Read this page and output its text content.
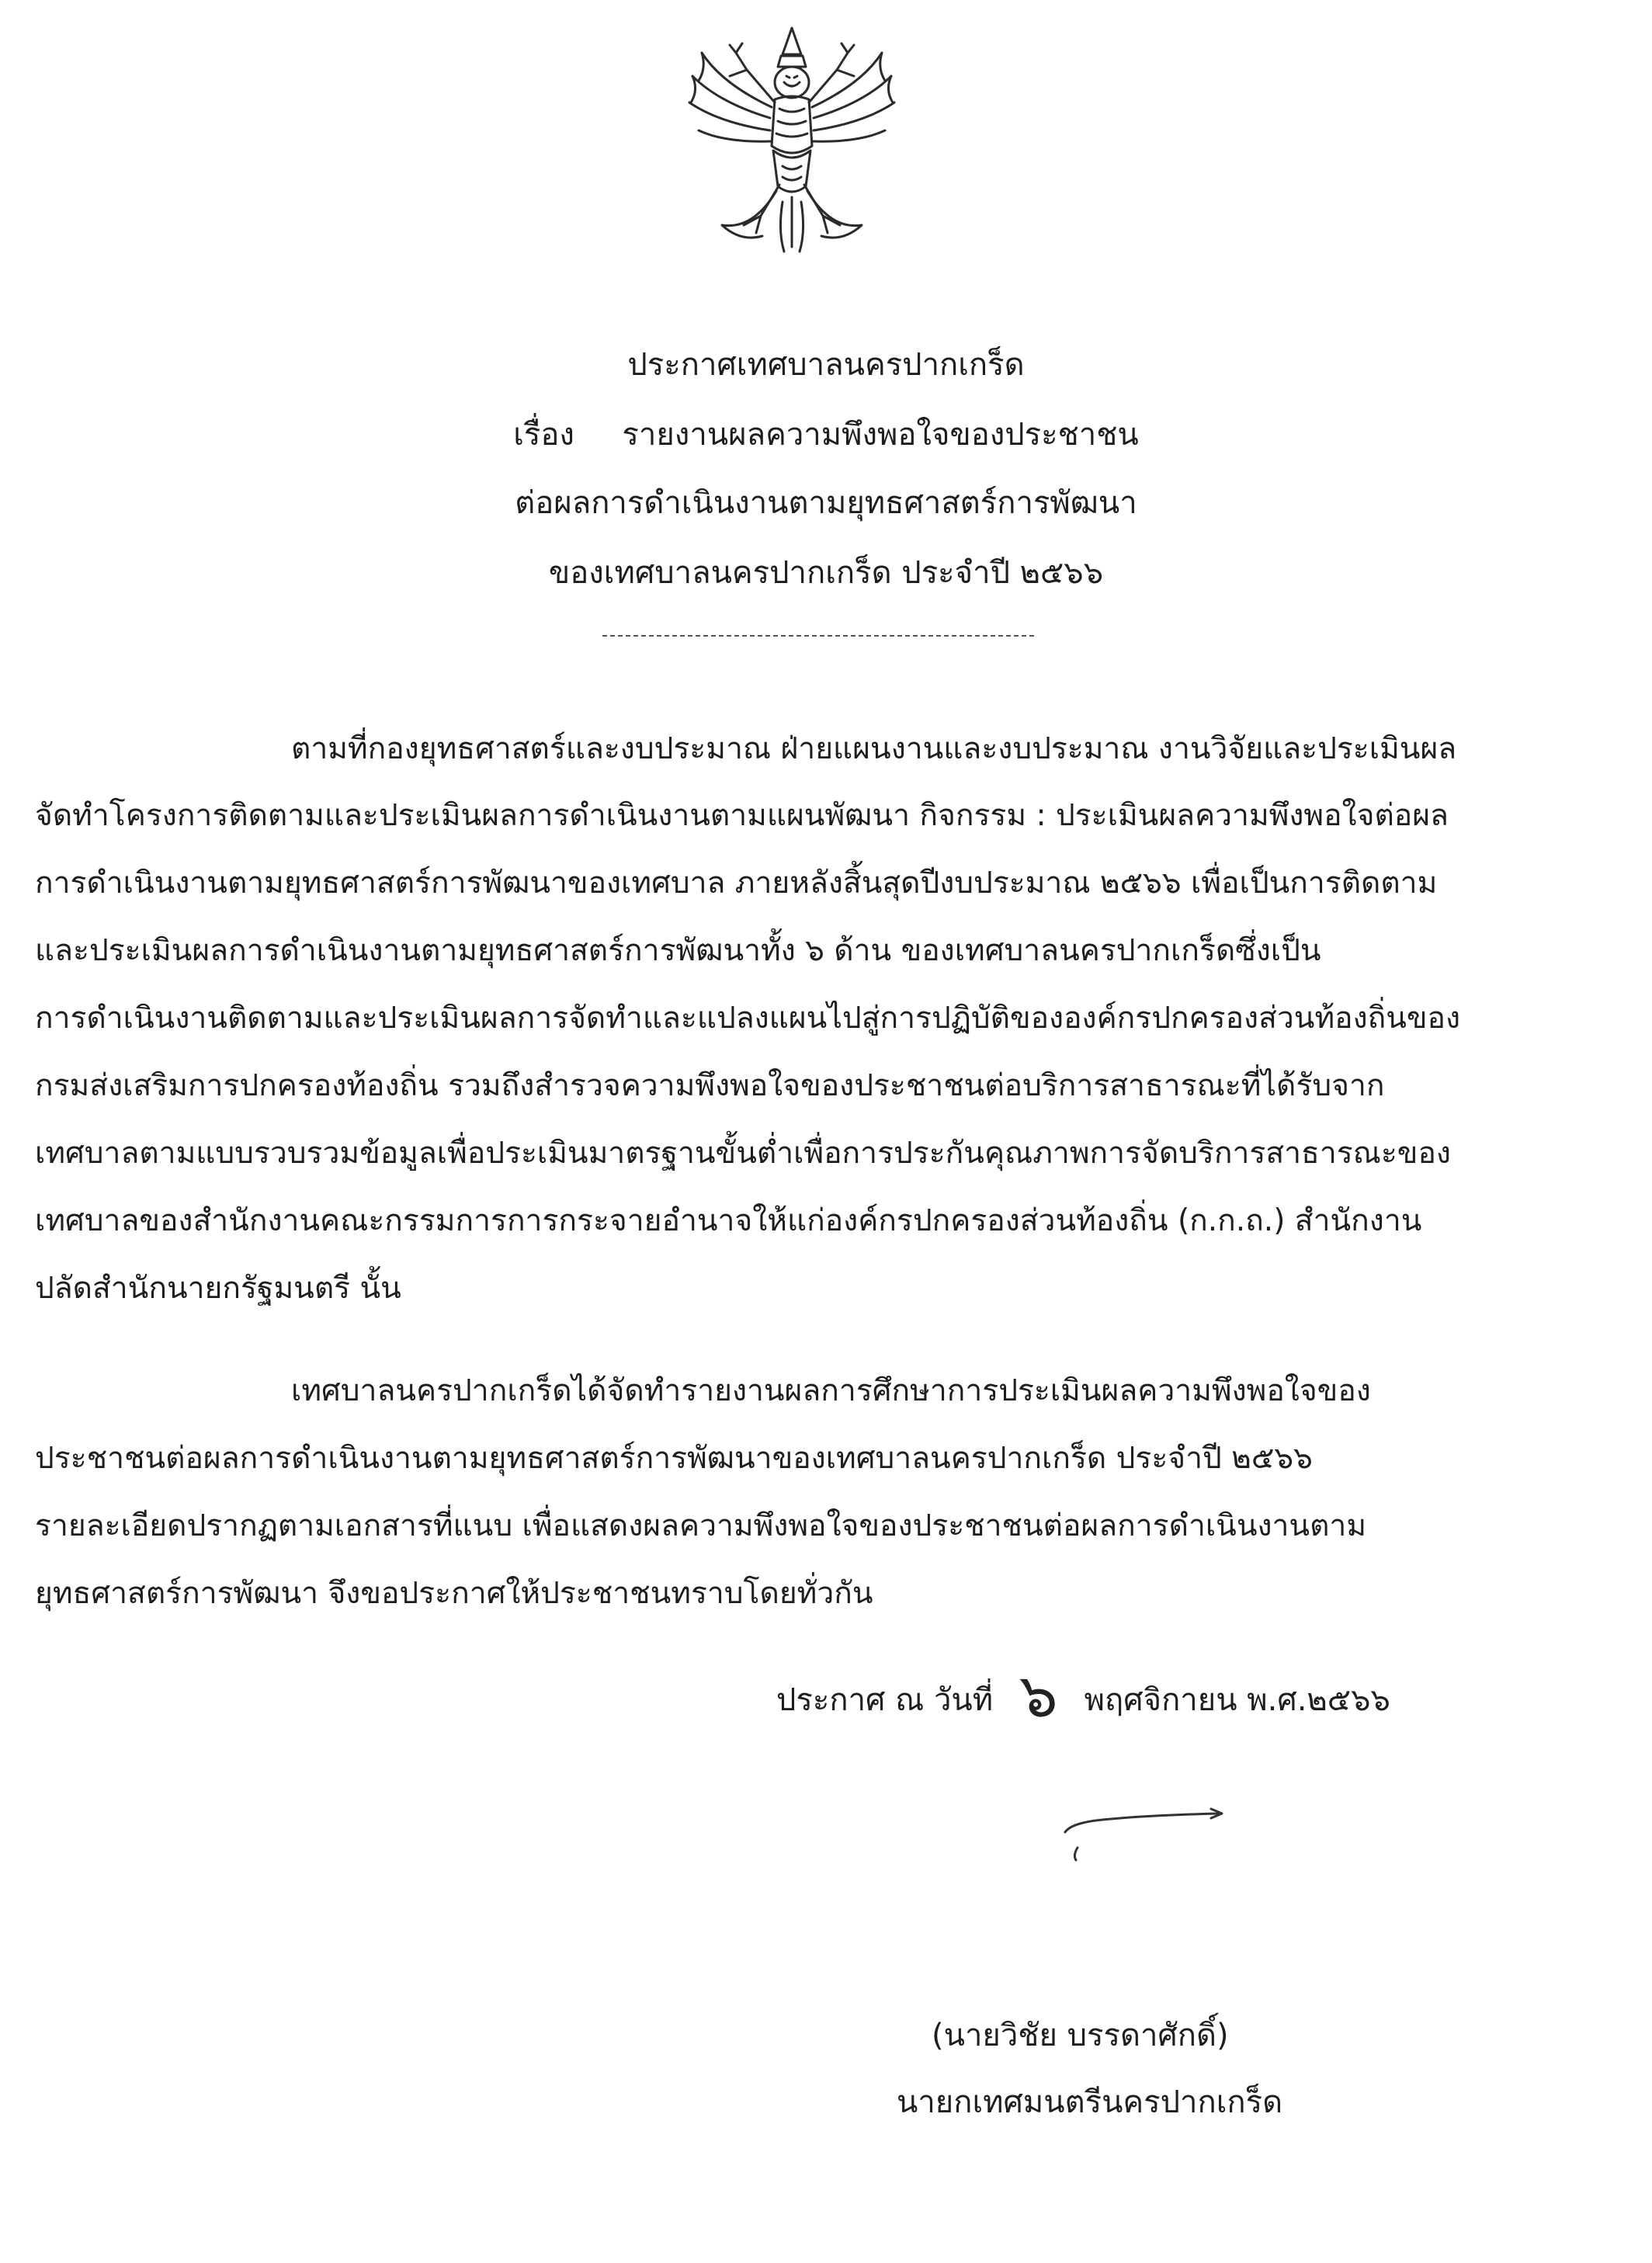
ประกาศเทศบาลนครปากเกร็ด
เรื่อง รายงานผลความพึงพอใจของประชาชน
ต่อผลการดำเนินงานตามยุทธศาสตร์การพัฒนา
ของเทศบาลนครปากเกร็ด ประจำปี ๒๕๖๖
ตามที่กองยุทธศาสตร์และงบประมาณ ฝ่ายแผนงานและงบประมาณ งานวิจัยและประเมินผล
จัดทำโครงการติดตามและประเมินผลการดำเนินงานตามแผนพัฒนา กิจกรรม : ประเมินผลความพึงพอใจต่อผล
การดำเนินงานตามยุทธศาสตร์การพัฒนาของเทศบาล ภายหลังสิ้นสุดปีงบประมาณ ๒๕๖๖ เพื่อเป็นการติดตาม
และประเมินผลการดำเนินงานตามยุทธศาสตร์การพัฒนาทั้ง ๖ ด้าน ของเทศบาลนครปากเกร็ดซึ่งเป็น
การดำเนินงานติดตามและประเมินผลการจัดทำและแปลงแผนไปสู่การปฏิบัติขององค์กรปกครองส่วนท้องถิ่นของ
กรมส่งเสริมการปกครองท้องถิ่น รวมถึงสำรวจความพึงพอใจของประชาชนต่อบริการสาธารณะที่ได้รับจาก
เทศบาลตามแบบรวบรวมข้อมูลเพื่อประเมินมาตรฐานขั้นต่ำเพื่อการประกันคุณภาพการจัดบริการสาธารณะของ
เทศบาลของสำนักงานคณะกรรมการการกระจายอำนาจให้แก่องค์กรปกครองส่วนท้องถิ่น (ก.ก.ถ.) สำนักงาน
ปลัดสำนักนายกรัฐมนตรี นั้น
เทศบาลนครปากเกร็ดได้จัดทำรายงานผลการศึกษาการประเมินผลความพึงพอใจของ
ประชาชนต่อผลการดำเนินงานตามยุทธศาสตร์การพัฒนาของเทศบาลนครปากเกร็ด ประจำปี ๒๕๖๖
รายละเอียดปรากฏตามเอกสารที่แนบ เพื่อแสดงผลความพึงพอใจของประชาชนต่อผลการดำเนินงานตาม
ยุทธศาสตร์การพัฒนา จึงขอประกาศให้ประชาชนทราบโดยทั่วกัน
ประกาศ ณ วันที่ ๖ พฤศจิกายน พ.ศ.๒๕๖๖
(นายวิชัย บรรดาศักดิ์)
นายกเทศมนตรีนครปากเกร็ด
